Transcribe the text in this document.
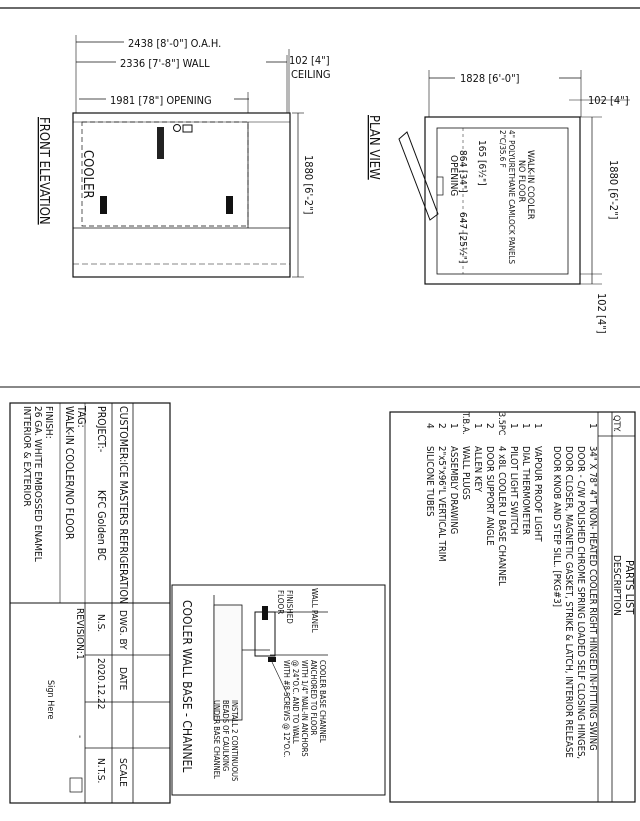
2438 [8'-0"] O.A.H.
2336 [7'-8"] WALL
1981 [78"] OPENING
102 [4"]
CEILING	1828 [6'-0"]
102 [4"]
FRONT ELEVATION COOLER	1880 [6'-2"]
PLAN VIEW
WALK-IN COOLER
NO FLOOR
4" POLYURETHANE CAMLOCK PANELS
2"C/35.6 F
165 [6½"]
864 [34"]
OPENING
647 [25½"]
1880 [6'-2"]
102 [4"]
PARTS LIST
DESCRIPTION
QTY.
1
34" X 78" 4"T NON- HEATED COOLER RIGHT HINGED IN-FITTING SWING
DOOR - C/W POLISHED CHROME SPRING LOADED SELF CLOSING HINGES,
DOOR CLOSER, MAGNETIC GASKET, STRIKE & LATCH, INTERIOR RELEASE
DOOR KNOB AND STEP SILL. [PKG#3]
1
VAPOUR PROOF LIGHT
1
DIAL THERMOMETER
1
PILOT LIGHT SWITCH
3.5PC
4 x8L COOLER U BASE CHANNEL
2
DOOR SUPPORT ANGLE
1
ALLEN KEY
T.B.A.
WALL PLUGS
1
ASSEMBLY DRAWING
2
2"x5"x96"L VERTICAL TRIM
4
SILICONE TUBES
COOLER WALL BASE - CHANNEL	WALL PANEL
FINISHED
FLOOR
COOLER BASE CHANNEL
ANCHORED TO FLOOR
WITH 1/4" NAIL-IN ANCHORS
@ 24"O.C. AND TO WALL
WITH #8 SCREWS @ 12"O.C.
INSTALL 2 CONTINUOUS
BEADS OF CAULKING
UNDER BASE CHANNEL
CUSTOMER:ICE MASTERS REFRIGERATION
PROJECT:-
KFC Golden BC
TAG:
WALK-IN COOLER/NO FLOOR
FINISH:
26 GA. WHITE EMBOSSED ENAMEL
INTERIOR & EXTERIOR
DWG. BY
N.S.
DATE
2020.12.22
SCALE
N.T.S.
REVISION:1
-
Sign Here
